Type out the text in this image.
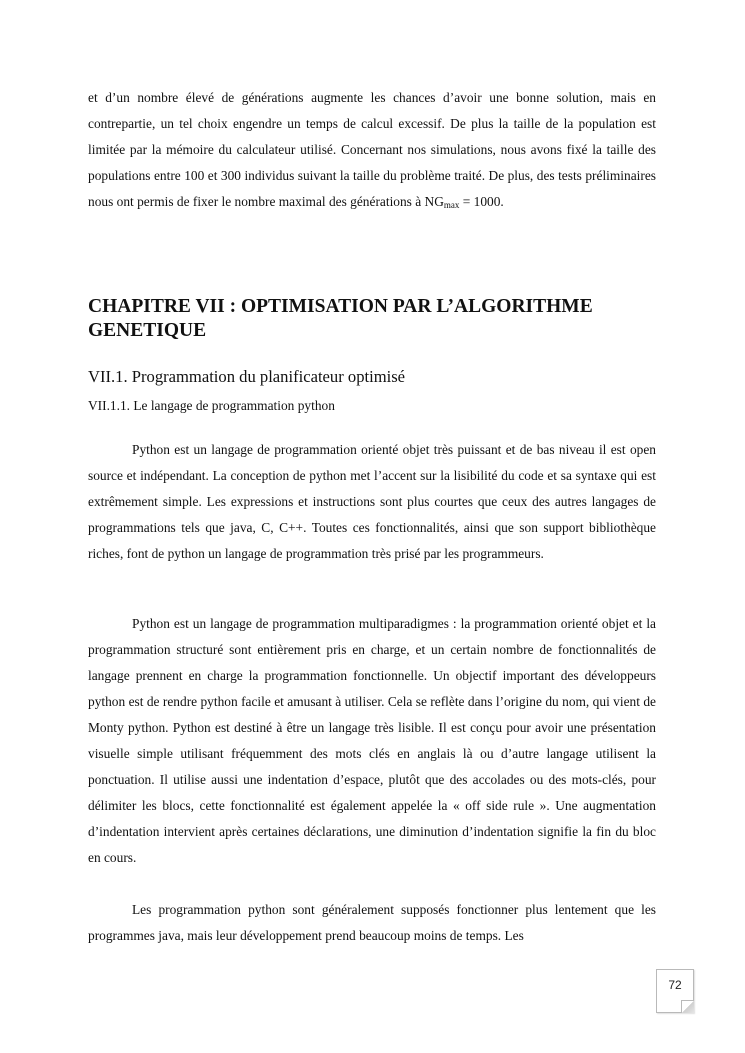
et d’un nombre élevé de générations augmente les chances d’avoir une bonne solution, mais en contrepartie, un tel choix engendre un temps de calcul excessif. De plus la taille de la population est limitée par la mémoire du calculateur utilisé. Concernant nos simulations, nous avons fixé la taille des populations entre 100 et 300 individus suivant la taille du problème traité. De plus, des tests préliminaires nous ont permis de fixer le nombre maximal des générations à $NG_{max} = 1000$.

CHAPITRE VII : OPTIMISATION PAR L’ALGORITHME GENETIQUE
VII.1. Programmation du planificateur optimisé
VII.1.1. Le langage de programmation python

Python est un langage de programmation orienté objet très puissant et de bas niveau il est open source et indépendant. La conception de python met l’accent sur la lisibilité du code et sa syntaxe qui est extrêmement simple. Les expressions et instructions sont plus courtes que ceux des autres langages de programmations tels que java, C, C++. Toutes ces fonctionnalités, ainsi que son support bibliothèque riches, font de python un langage de programmation très prisé par les programmeurs.

Python est un langage de programmation multiparadigmes : la programmation orienté objet et la programmation structuré sont entièrement pris en charge, et un certain nombre de fonctionnalités de langage prennent en charge la programmation fonctionnelle. Un objectif important des développeurs python est de rendre python facile et amusant à utiliser. Cela se reflète dans l’origine du nom, qui vient de Monty python. Python est destiné à être un langage très lisible. Il est conçu pour avoir une présentation visuelle simple utilisant fréquemment des mots clés en anglais là ou d’autre langage utilisent la ponctuation. Il utilise aussi une indentation d’espace, plutôt que des accolades ou des mots-clés, pour délimiter les blocs, cette fonctionnalité est également appelée la « off side rule ». Une augmentation d’indentation intervient après certaines déclarations, une diminution d’indentation signifie la fin du bloc en cours.

Les programmation python sont généralement supposés fonctionner plus lentement que les programmes java, mais leur développement prend beaucoup moins de temps. Les

72
